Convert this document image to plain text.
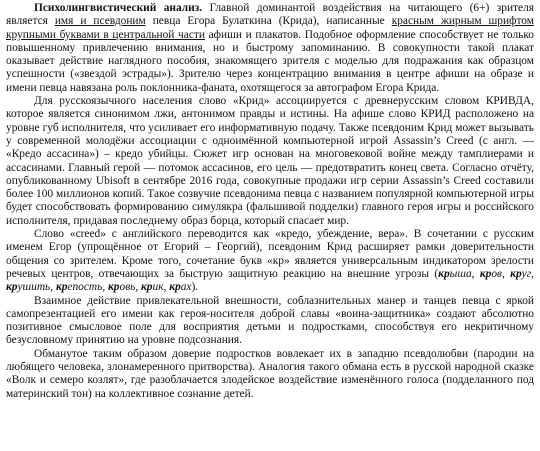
Психолингвистический анализ. Главной доминантой воздействия на читающего (6+) зрителя является имя и псевдоним певца Егора Булаткина (Крида), написанные красным жирным шрифтом крупными буквами в центральной части афиши и плакатов. Подобное оформление способствует не только повышенному привлечению внимания, но и быстрому запоминанию. В совокупности такой плакат оказывает действие наглядного пособия, знакомящего зрителя с моделью для подражания как образцом успешности («звездой эстрады»). Зрителю через концентрацию внимания в центре афиши на образе и имени певца навязана роль поклонника-фаната, охотящегося за автографом Егора Крида.

Для русскоязычного населения слово «Крид» ассоциируется с древнерусским словом КРИВДА, которое является синонимом лжи, антонимом правды и истины. На афише слово КРИД расположено на уровне губ исполнителя, что усиливает его информативную подачу. Также псевдоним Крид может вызывать у современной молодёжи ассоциации с одноимённой компьютерной игрой Assassin’s Creed (с англ. — «Кредо ассасина») – кредо убийцы. Сюжет игр основан на многовековой войне между тамплиерами и ассасинами. Главный герой — потомок ассасинов, его цель — предотвратить конец света. Согласно отчёту, опубликованному Ubisoft в сентябре 2016 года, совокупные продажи игр серии Assassin’s Creed составили более 100 миллионов копий. Такое созвучие псевдонима певца с названием популярной компьютерной игры будет способствовать формированию симулякра (фальшивой подделки) главного героя игры и российского исполнителя, придавая последнему образ борца, который спасает мир.

Слово «creed» с английского переводится как «кредо, убеждение, вера». В сочетании с русским именем Егор (упрощённое от Егорий – Георгий), псевдоним Крид расширяет рамки доверительности общения со зрителем. Кроме того, сочетание букв «кр» является универсальным индикатором зрелости речевых центров, отвечающих за быструю защитную реакцию на внешние угрозы (крыша, кров, круг, крушить, крепость, кровь, крик, крах).

Взаимное действие привлекательной внешности, соблазнительных манер и танцев певца с яркой самопрезентацией его имени как героя-носителя доброй славы «воина-защитника» создают абсолютно позитивное смысловое поле для восприятия детьми и подростками, способствуя его некритичному безусловному принятию на уровне подсознания.

Обманутое таким образом доверие подростков вовлекает их в западню псевдолюбви (пародии на любящего человека, злонамеренного притворства). Аналогия такого обмана есть в русской народной сказке «Волк и семеро козлят», где разоблачается злодейское воздействие изменённого голоса (подделанного под материнский тон) на коллективное сознание детей.
